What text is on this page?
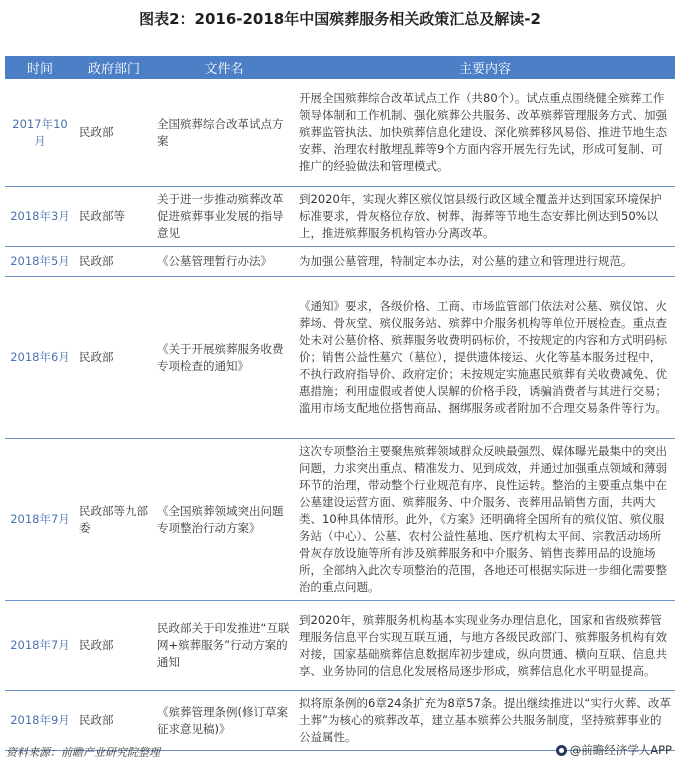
图表2：2016-2018年中国殡葬服务相关政策汇总及解读-2
时间	政府部门	文件名	主要内容
2017年10月	民政部	全国殡葬综合改革试点方案	开展全国殡葬综合改革试点工作（共80个）。试点重点围绕健全殡葬工作领导体制和工作机制、强化殡葬公共服务、改革殡葬管理服务方式、加强殡葬监管执法、加快殡葬信息化建设、深化殡葬移风易俗、推进节地生态安葬、治理农村散埋乱葬等9个方面内容开展先行先试，形成可复制、可推广的经验做法和管理模式。
2018年3月	民政部等	关于进一步推动殡葬改革促进殡葬事业发展的指导意见	到2020年，实现火葬区殡仪馆县级行政区域全覆盖并达到国家环境保护标准要求，骨灰格位存放、树葬、海葬等节地生态安葬比例达到50%以上，推进殡葬服务机构管办分离改革。
2018年5月	民政部	《公墓管理暂行办法》	为加强公墓管理，特制定本办法，对公墓的建立和管理进行规范。
2018年6月	民政部	《关于开展殡葬服务收费专项检查的通知》	《通知》要求，各级价格、工商、市场监管部门依法对公墓、殡仪馆、火葬场、骨灰堂、殡仪服务站、殡葬中介服务机构等单位开展检查。重点查处未对公墓价格、殡葬服务收费明码标价，不按规定的内容和方式明码标价；销售公益性墓穴（墓位），提供遗体接运、火化等基本服务过程中，不执行政府指导价、政府定价；未按规定实施惠民殡葬有关收费减免、优惠措施；利用虚假或者使人误解的价格手段，诱骗消费者与其进行交易；滥用市场支配地位搭售商品、捆绑服务或者附加不合理交易条件等行为。
2018年7月	民政部等九部委	《全国殡葬领域突出问题专项整治行动方案》	这次专项整治主要聚焦殡葬领域群众反映最强烈、媒体曝光最集中的突出问题，力求突出重点、精准发力、见到成效，并通过加强重点领域和薄弱环节的治理，带动整个行业规范有序、良性运转。整治的主要重点集中在公墓建设运营方面、殡葬服务、中介服务、丧葬用品销售方面，共两大类、10种具体情形。此外，《方案》还明确将全国所有的殡仪馆、殡仪服务站（中心）、公墓、农村公益性墓地、医疗机构太平间、宗教活动场所骨灰存放设施等所有涉及殡葬服务和中介服务、销售丧葬用品的设施场所，全部纳入此次专项整治的范围，各地还可根据实际进一步细化需要整治的重点问题。
2018年7月	民政部	民政部关于印发推进“互联网+殡葬服务”行动方案的通知	到2020年，殡葬服务机构基本实现业务办理信息化，国家和省级殡葬管理服务信息平台实现互联互通，与地方各级民政部门、殡葬服务机构有效对接，国家基础殡葬信息数据库初步建成，纵向贯通、横向互联、信息共享、业务协同的信息化发展格局逐步形成，殡葬信息化水平明显提高。
2018年9月	民政部	《殡葬管理条例(修订草案征求意见稿)》	拟将原条例的6章24条扩充为8章57条。提出继续推进以“实行火葬、改革土葬”为核心的殡葬改革，建立基本殡葬公共服务制度，坚持殡葬事业的公益属性。
资料来源：前瞻产业研究院整理	@前瞻经济学人APP
